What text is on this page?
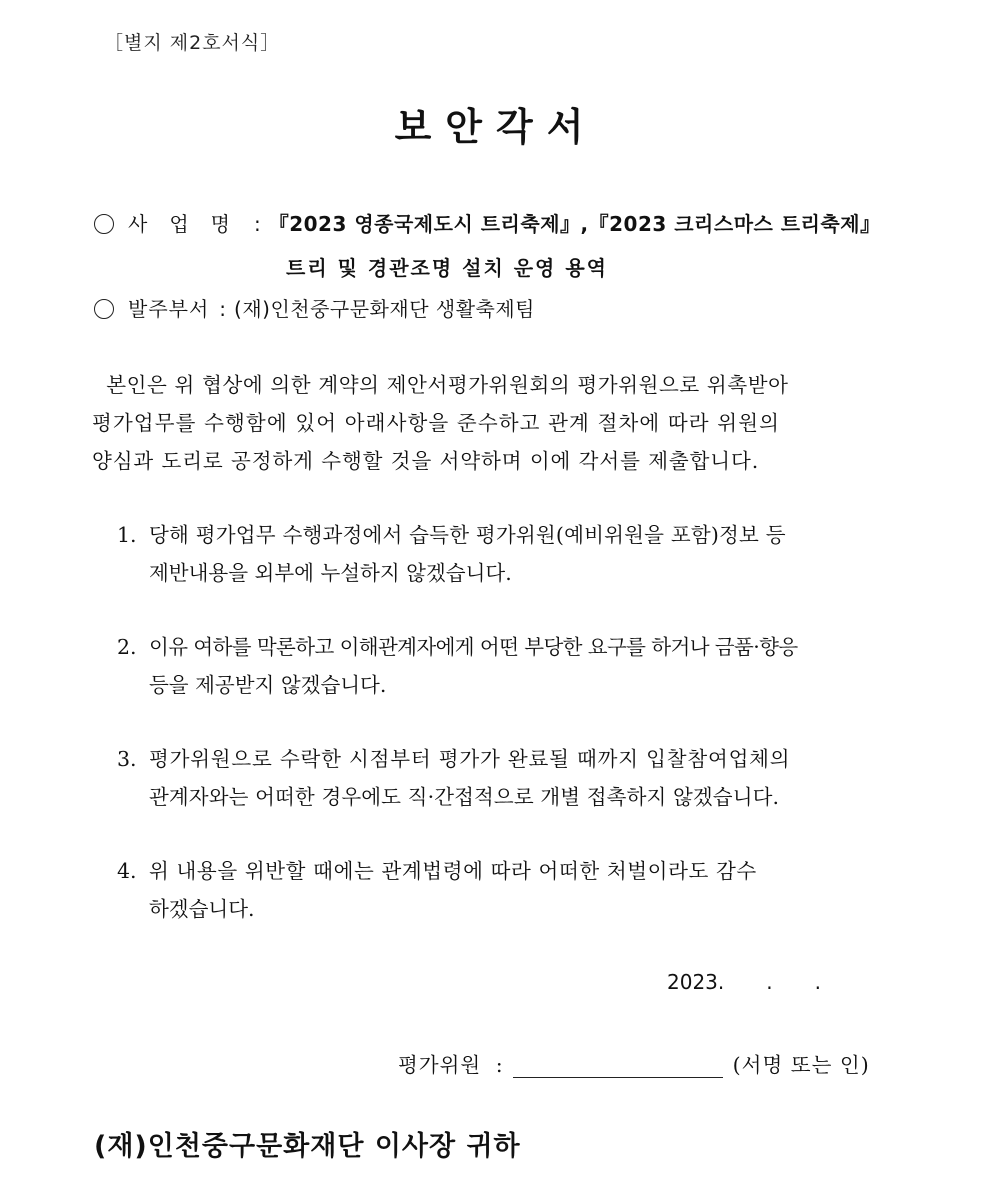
［별지 제2호서식］
보안각서
사업명 : 『2023 영종국제도시 트리축제』,『2023 크리스마스 트리축제』
트리 및 경관조명 설치 운영 용역
발주부서 : (재)인천중구문화재단 생활축제팀
본인은 위 협상에 의한 계약의 제안서평가위원회의 평가위원으로 위촉받아
평가업무를 수행함에 있어 아래사항을 준수하고 관계 절차에 따라 위원의
양심과 도리로 공정하게 수행할 것을 서약하며 이에 각서를 제출합니다.
1. 당해 평가업무 수행과정에서 습득한 평가위원(예비위원을 포함)정보 등
제반내용을 외부에 누설하지 않겠습니다.
2. 이유 여하를 막론하고 이해관계자에게 어떤 부당한 요구를 하거나 금품·향응
등을 제공받지 않겠습니다.
3. 평가위원으로 수락한 시점부터 평가가 완료될 때까지 입찰참여업체의
관계자와는 어떠한 경우에도 직·간접적으로 개별 접촉하지 않겠습니다.
4. 위 내용을 위반할 때에는 관계법령에 따라 어떠한 처벌이라도 감수
하겠습니다.
2023. . .
평가위원 :	(서명 또는 인)
(재)인천중구문화재단 이사장 귀하
